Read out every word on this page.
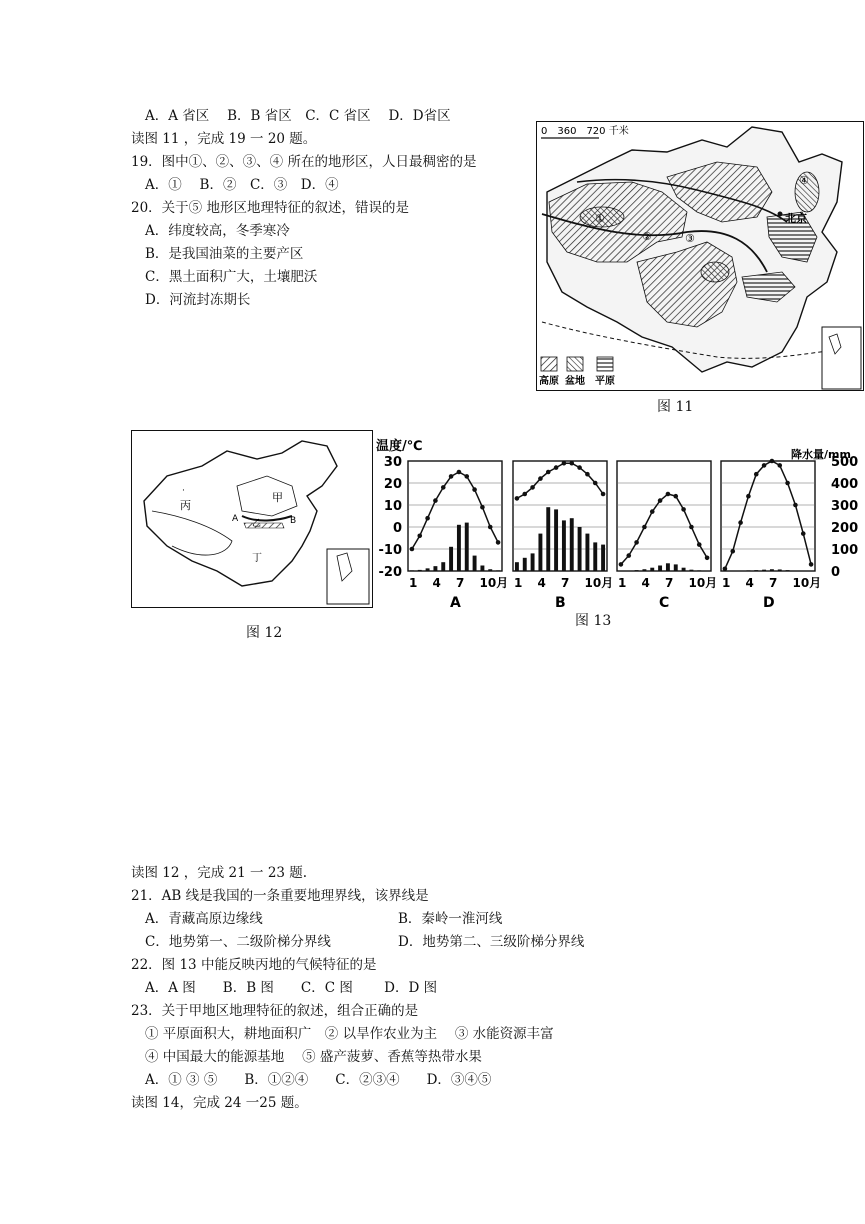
A．A 省区　 B．B 省区　C．C 省区　 D．D省区
读图 11 ，完成 19 一 20 题。
19．图中①、②、③、④ 所在的地形区，人日最稠密的是
A．①　 B．②　C．③　D．④
20．关于⑤ 地形区地理特征的叙述，错误的是
A．纬度较高，冬季寒冷
B．是我国油菜的主要产区
C．黑土面积广大，土壤肥沃
D．河流封冻期长
0　360　720 千米
①
②	③
④
北京
高原 盆地 平原
图 11
·
丙
甲
乙
A	B
丁
图 12
温度/℃
降水量/mm
30
20
10
0
-10
-20
500
400
300
200
100
0
1 4 7 10月
A
1 4 7 10月
B
1 4 7 10月
C
1 4 7 10月
D
图 13
读图 12 ，完成 21 一 23 题.
21．AB 线是我国的一条重要地理界线，该界线是
A．青藏高原边缘线	B．秦岭一淮河线
C．地势第一、二级阶梯分界线	D．地势第二、三级阶梯分界线
22．图 13 中能反映丙地的气候特征的是
A．A 图　　B．B 图　　C．C 图　　 D．D 图
23．关于甲地区地理特征的叙述，组合正确的是
① 平原面积大，耕地面积广　② 以旱作农业为主　 ③ 水能资源丰富
④ 中国最大的能源基地　 ⑤ 盛产菠萝、香蕉等热带水果
A．① ③ ⑤　　B．①②④　　C．②③④　　D．③④⑤
读图 14，完成 24 一25 题。
